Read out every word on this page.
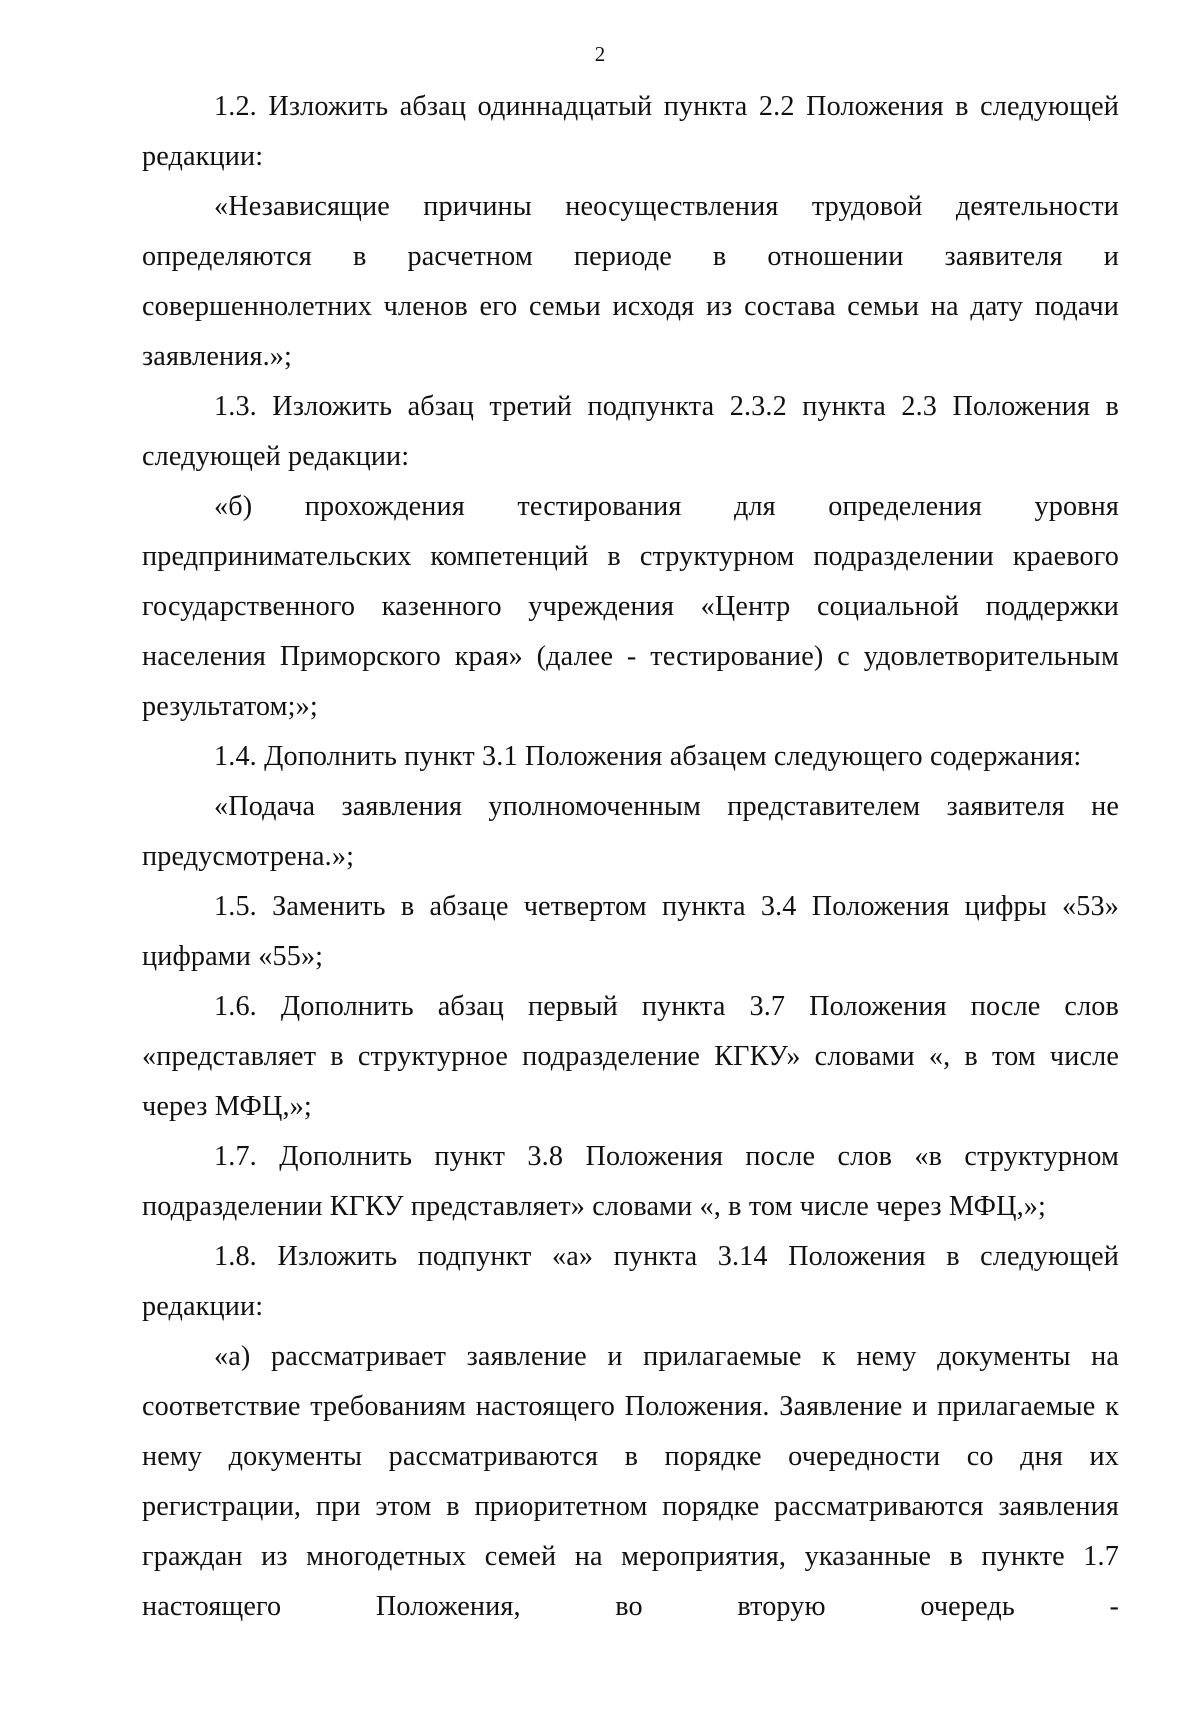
2

1.2. Изложить абзац одиннадцатый пункта 2.2 Положения в следующей редакции:

«Независящие причины неосуществления трудовой деятельности определяются в расчетном периоде в отношении заявителя и совершеннолетних членов его семьи исходя из состава семьи на дату подачи заявления.»;

1.3. Изложить абзац третий подпункта 2.3.2 пункта 2.3 Положения в следующей редакции:

«б) прохождения тестирования для определения уровня предпринимательских компетенций в структурном подразделении краевого государственного казенного учреждения «Центр социальной поддержки населения Приморского края» (далее - тестирование) с удовлетворительным результатом;»;

1.4. Дополнить пункт 3.1 Положения абзацем следующего содержания:

«Подача заявления уполномоченным представителем заявителя не предусмотрена.»;

1.5. Заменить в абзаце четвертом пункта 3.4 Положения цифры «53» цифрами «55»;

1.6. Дополнить абзац первый пункта 3.7 Положения после слов «представляет в структурное подразделение КГКУ» словами «, в том числе через МФЦ,»;

1.7. Дополнить пункт 3.8 Положения после слов «в структурном подразделении КГКУ представляет» словами «, в том числе через МФЦ,»;

1.8. Изложить подпункт «а» пункта 3.14 Положения в следующей редакции:

«а) рассматривает заявление и прилагаемые к нему документы на соответствие требованиям настоящего Положения. Заявление и прилагаемые к нему документы рассматриваются в порядке очередности со дня их регистрации, при этом в приоритетном порядке рассматриваются заявления граждан из многодетных семей на мероприятия, указанные в пункте 1.7 настоящего Положения, во вторую очередь -
